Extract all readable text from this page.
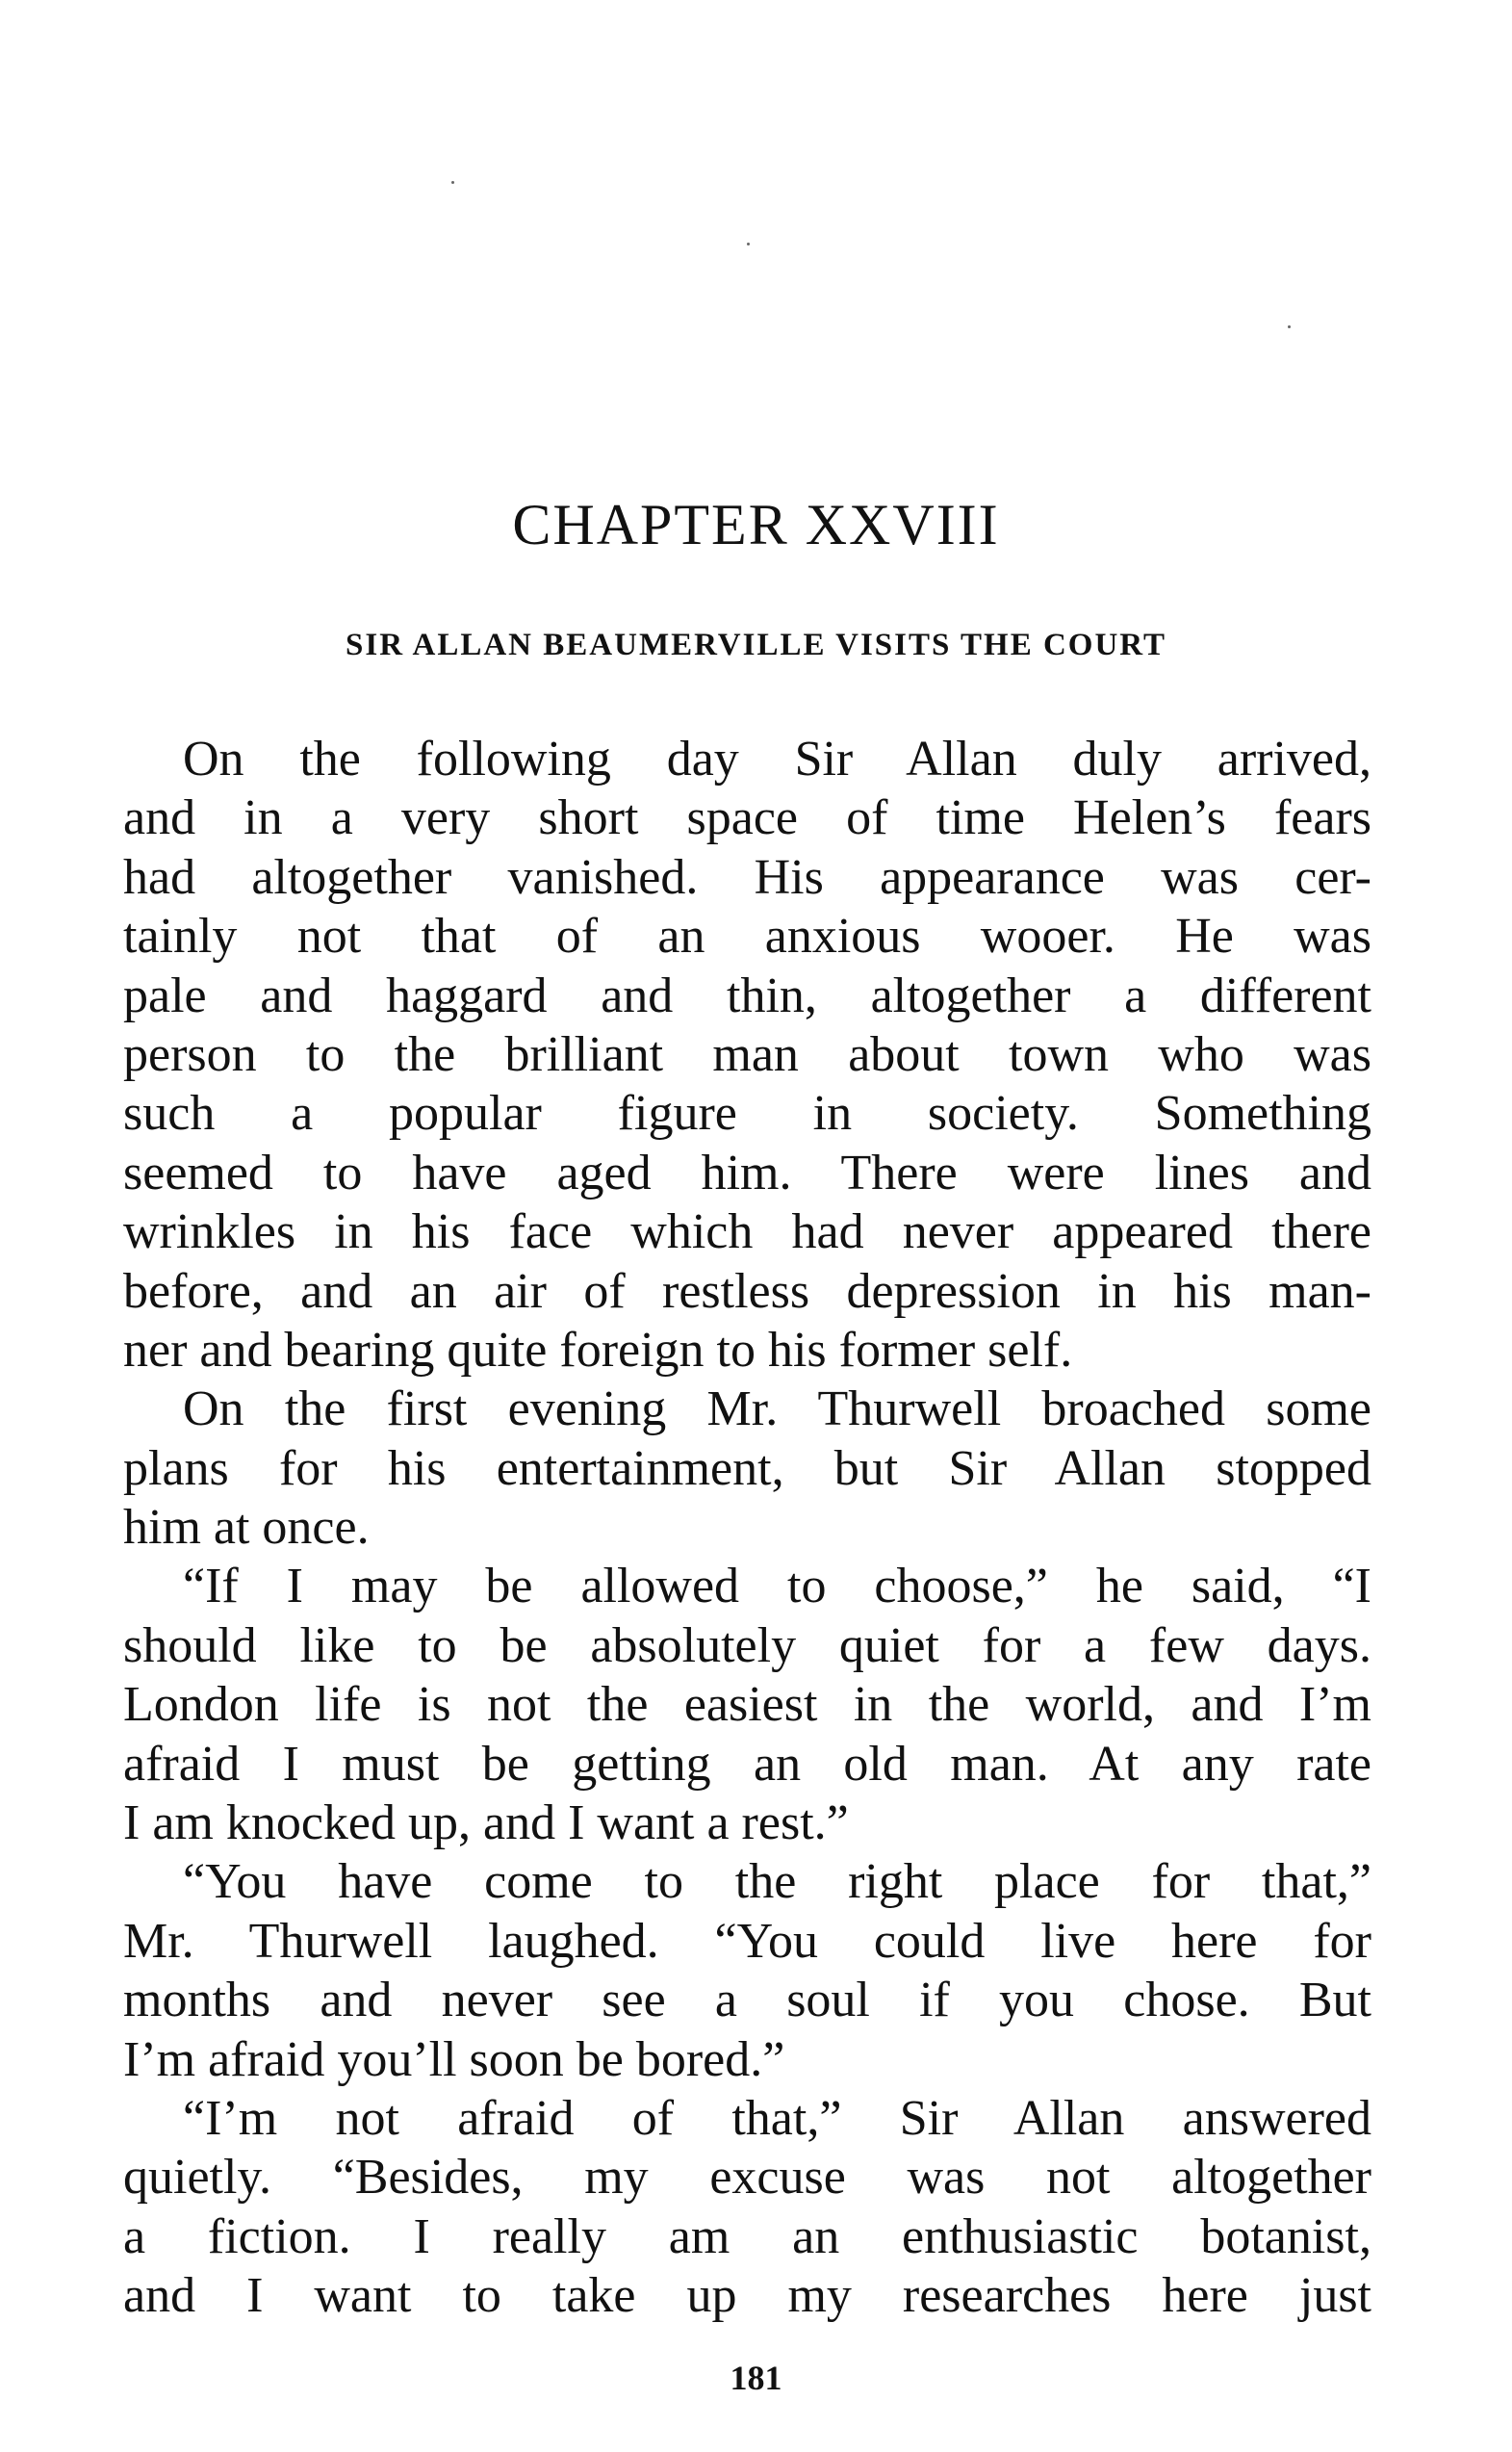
CHAPTER XXVIII
SIR ALLAN BEAUMERVILLE VISITS THE COURT
On the following day Sir Allan duly arrived,
and in a very short space of time Helen’s fears
had altogether vanished. His appearance was cer-
tainly not that of an anxious wooer. He was
pale and haggard and thin, altogether a different
person to the brilliant man about town who was
such a popular figure in society. Something
seemed to have aged him. There were lines and
wrinkles in his face which had never appeared there
before, and an air of restless depression in his man-
ner and bearing quite foreign to his former self.
On the first evening Mr. Thurwell broached some
plans for his entertainment, but Sir Allan stopped
him at once.
“If I may be allowed to choose,” he said, “I
should like to be absolutely quiet for a few days.
London life is not the easiest in the world, and I’m
afraid I must be getting an old man. At any rate
I am knocked up, and I want a rest.”
“You have come to the right place for that,”
Mr. Thurwell laughed. “You could live here for
months and never see a soul if you chose. But
I’m afraid you’ll soon be bored.”
“I’m not afraid of that,” Sir Allan answered
quietly. “Besides, my excuse was not altogether
a fiction. I really am an enthusiastic botanist,
and I want to take up my researches here just
181
